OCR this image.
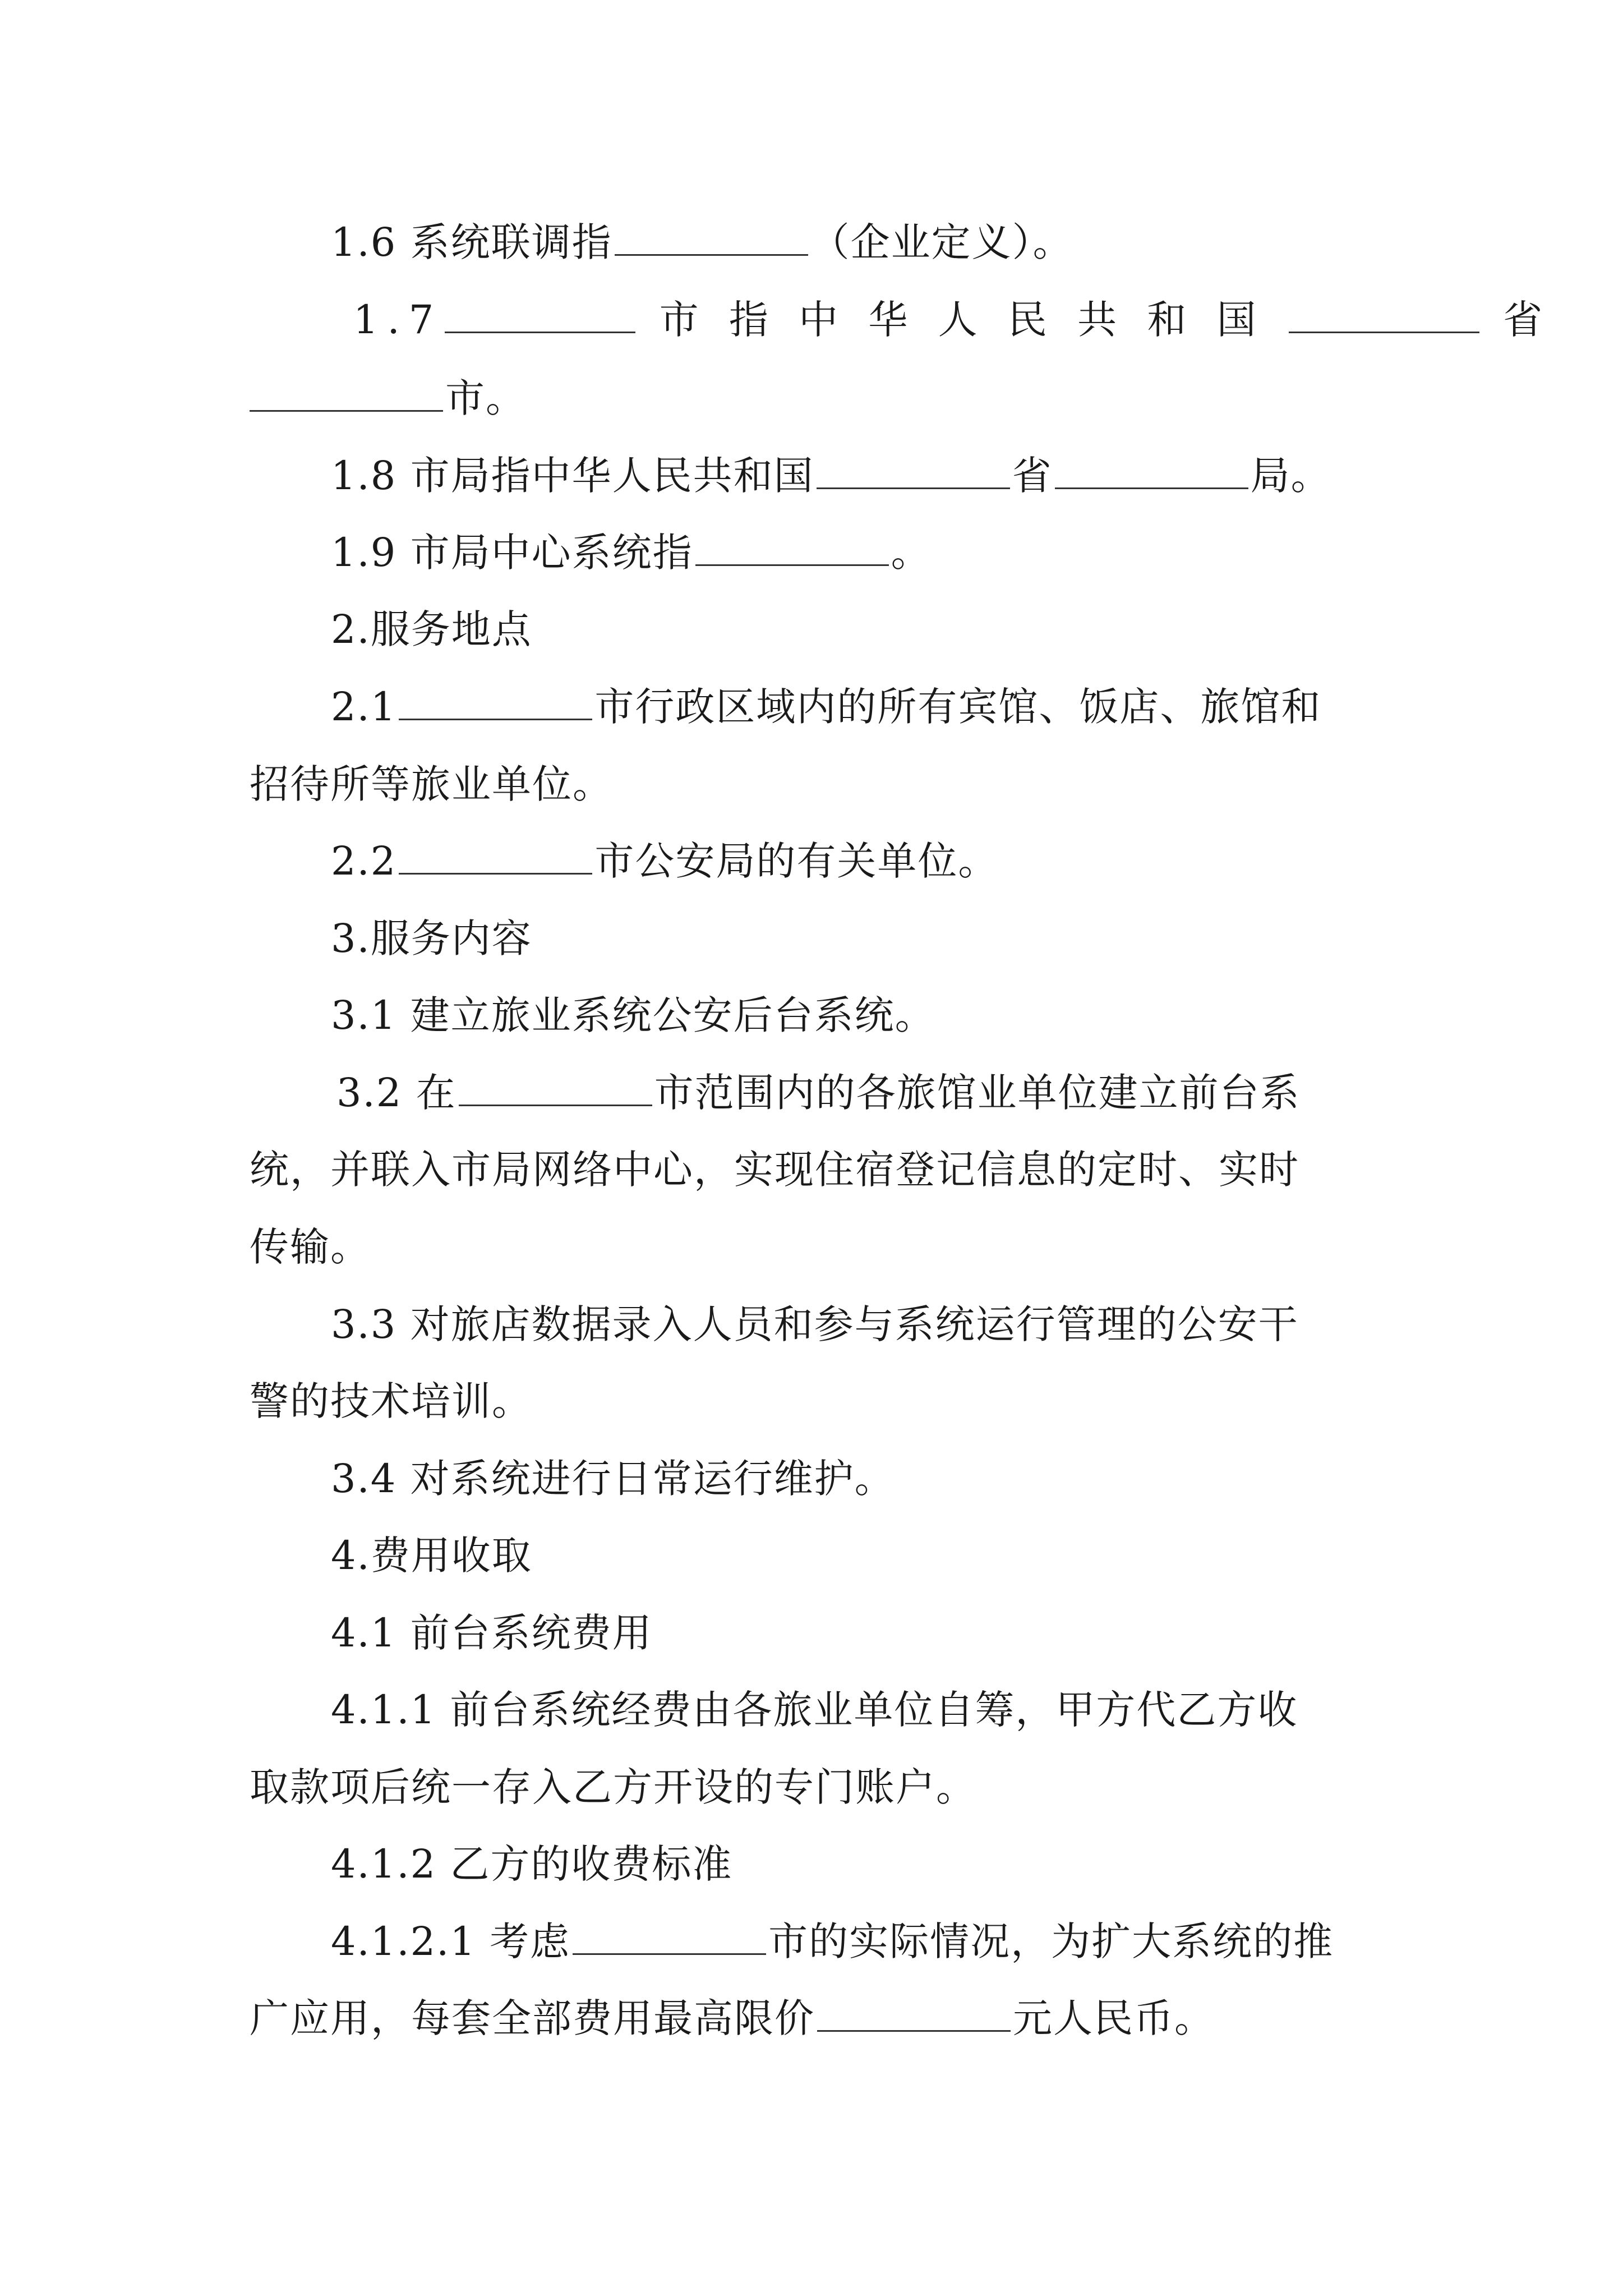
1.6 系统联调指	（企业定义）。
1.7	市 指 中 华 人 民 共 和 国	省
市。
1.8 市局指中华人民共和国	省	局。
1.9 市局中心系统指	。
2.服务地点
2.1	市行政区域内的所有宾馆、饭店、旅馆和
招待所等旅业单位。
2.2	市公安局的有关单位。
3.服务内容
3.1 建立旅业系统公安后台系统。
3.2 在	市范围内的各旅馆业单位建立前台系
统，并联入市局网络中心，实现住宿登记信息的定时、实时
传输。
3.3 对旅店数据录入人员和参与系统运行管理的公安干
警的技术培训。
3.4 对系统进行日常运行维护。
4.费用收取
4.1 前台系统费用
4.1.1 前台系统经费由各旅业单位自筹，甲方代乙方收
取款项后统一存入乙方开设的专门账户。
4.1.2 乙方的收费标准
4.1.2.1 考虑	市的实际情况，为扩大系统的推
广应用，每套全部费用最高限价	元人民币。
